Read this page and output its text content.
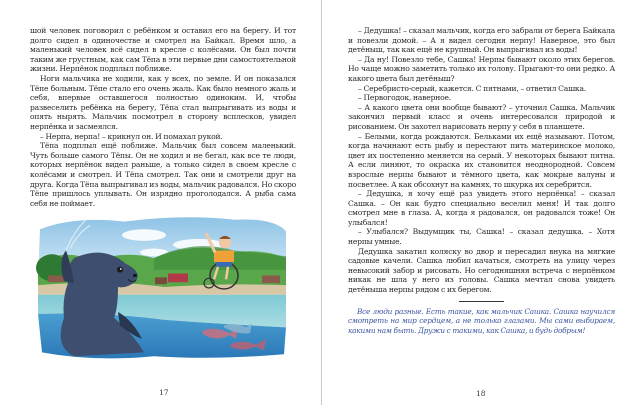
шой человек поговорил с ребёнком и оставил его на берегу. И тот долго сидел в одиночестве и смотрел на Байкал. Время шло, а маленький человек всё сидел в кресле с колёсами. Он был почти таким же грустным, как сам Тёпа в эти первые дни самостоятельной жизни. Нерпёнок подплыл поближе.

Ноги мальчика не ходили, как у всех, по земле. И он показался Тёпе больным. Тёпе стало его очень жаль. Как было немного жаль и себя, впервые оставшегося полностью одиноким. И, чтобы развеселить ребёнка на берегу, Тёпа стал выпрыгивать из воды и опять нырять. Мальчик посмотрел в сторону всплесков, увидел нерпёнка и засмеялся.

– Нерпа, нерпа! – крикнул он. И помахал рукой.

Тёпа подплыл ещё поближе. Мальчик был совсем маленький. Чуть больше самого Тёпы. Он не ходил и не бегал, как все те люди, которых нерпёнок видел раньше, а только сидел в своем кресле с колёсами и смотрел. И Тёпа смотрел. Так они и смотрели друг на друга. Когда Тёпа выпрыгивал из воды, мальчик радовался. Но скоро Тёпе пришлось уплывать. Он изрядно проголодался. А рыба сама себя не поймает.

17

– Дедушка! – сказал мальчик, когда его забрали от берега Байкала и повезли домой. – А я видел сегодня нерпу! Наверное, это был детёныш, так как ещё не крупный. Он выпрыгивал из воды!

– Да ну! Повезло тебе, Сашка! Нерпы бывают около этих берегов. Но чаще можно заметить только их голову. Прыгают-то они редко. А какого цвета был детёныш?

– Серебристо-серый, кажется. С пятнами, – ответил Сашка.

– Первогодок, наверное.

– А какого цвета они вообще бывают? – уточнил Сашка. Мальчик закончил первый класс и очень интересовался природой и рисованием. Он захотел нарисовать нерпу у себя в планшете.

– Белыми, когда рождаются. Бельками их ещё называют. Потом, когда начинают есть рыбу и перестают пить материнское молоко, цвет их постепенно меняется на серый. У некоторых бывают пятна. А если линяют, то окраска их становится неоднородной. Совсем взрослые нерпы бывают и тёмного цвета, как мокрые валуны и посветлее. А как обсохнут на камнях, то шкурка их серебрится.

– Дедушка, я хочу ещё раз увидеть этого нерпёнка! – сказал Сашка. – Он как будто специально веселил меня! И так долго смотрел мне в глаза. А, когда я радовался, он радовался тоже! Он улыбался!

– Улыбался? Выдумщик ты, Сашка! – сказал дедушка. – Хотя нерпы умные.

Дедушка закатил коляску во двор и пересадил внука на мягкие садовые качели. Сашка любил качаться, смотреть на улицу через невысокий забор и рисовать. Но сегодняшняя встреча с нерпёнком никак не шла у него из головы. Сашка мечтал снова увидеть детёныша нерпы рядом с их берегом.

Все люди разные. Есть такие, как мальчик Сашка. Сашка научился смотреть на мир сердцем, а не только глазами. Мы сами выбираем, какими нам быть. Дружи с такими, как Сашка, и будь добрым!
18
